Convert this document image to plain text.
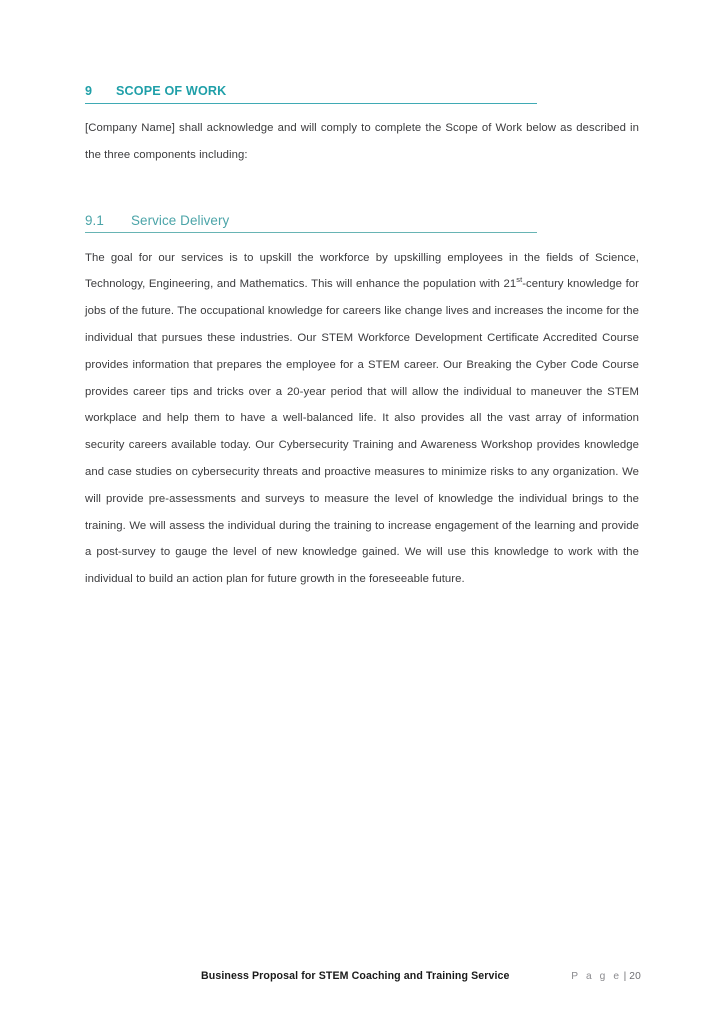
9	SCOPE OF WORK

[Company Name] shall acknowledge and will comply to complete the Scope of Work below as described in the three components including:

9.1	Service Delivery

The goal for our services is to upskill the workforce by upskilling employees in the fields of Science, Technology, Engineering, and Mathematics. This will enhance the population with 21st-century knowledge for jobs of the future. The occupational knowledge for careers like change lives and increases the income for the individual that pursues these industries. Our STEM Workforce Development Certificate Accredited Course provides information that prepares the employee for a STEM career. Our Breaking the Cyber Code Course provides career tips and tricks over a 20-year period that will allow the individual to maneuver the STEM workplace and help them to have a well-balanced life. It also provides all the vast array of information security careers available today. Our Cybersecurity Training and Awareness Workshop provides knowledge and case studies on cybersecurity threats and proactive measures to minimize risks to any organization. We will provide pre-assessments and surveys to measure the level of knowledge the individual brings to the training. We will assess the individual during the training to increase engagement of the learning and provide a post-survey to gauge the level of new knowledge gained. We will use this knowledge to work with the individual to build an action plan for future growth in the foreseeable future.

Business Proposal for STEM Coaching and Training Service	P a g e | 20
